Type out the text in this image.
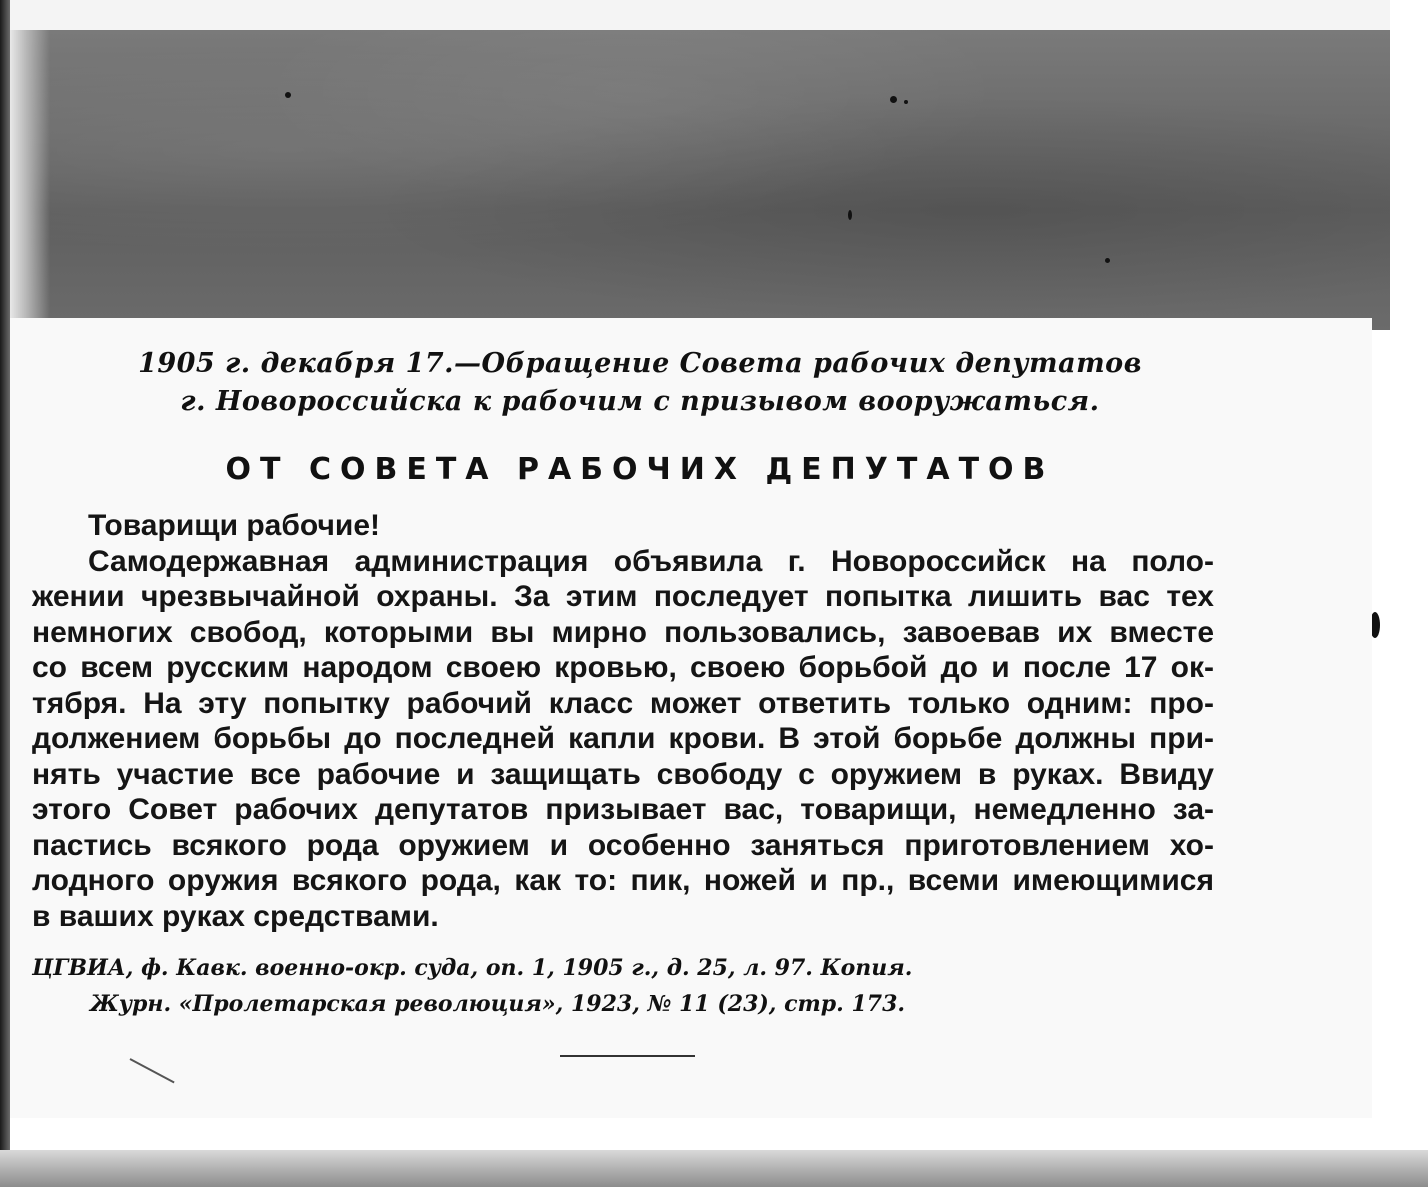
1905 г. декабря 17.—Обращение Совета рабочих депутатов
г. Новороссийска к рабочим с призывом вооружаться.
ОТ СОВЕТА РАБОЧИХ ДЕПУТАТОВ
Товарищи рабочие!
Самодержавная администрация объявила г. Новороссийск на поло-
жении чрезвычайной охраны. За этим последует попытка лишить вас тех
немногих свобод, которыми вы мирно пользовались, завоевав их вместе
со всем русским народом своею кровью, своею борьбой до и после 17 ок-
тября. На эту попытку рабочий класс может ответить только одним: про-
должением борьбы до последней капли крови. В этой борьбе должны при-
нять участие все рабочие и защищать свободу с оружием в руках. Ввиду
этого Совет рабочих депутатов призывает вас, товарищи, немедленно за-
пастись всякого рода оружием и особенно заняться приготовлением хо-
лодного оружия всякого рода, как то: пик, ножей и пр., всеми имеющимися
в ваших руках средствами.
ЦГВИА, ф. Кавк. военно-окр. суда, оп. 1, 1905 г., д. 25, л. 97. Копия.
Журн. «Пролетарская революция», 1923, № 11 (23), стр. 173.
